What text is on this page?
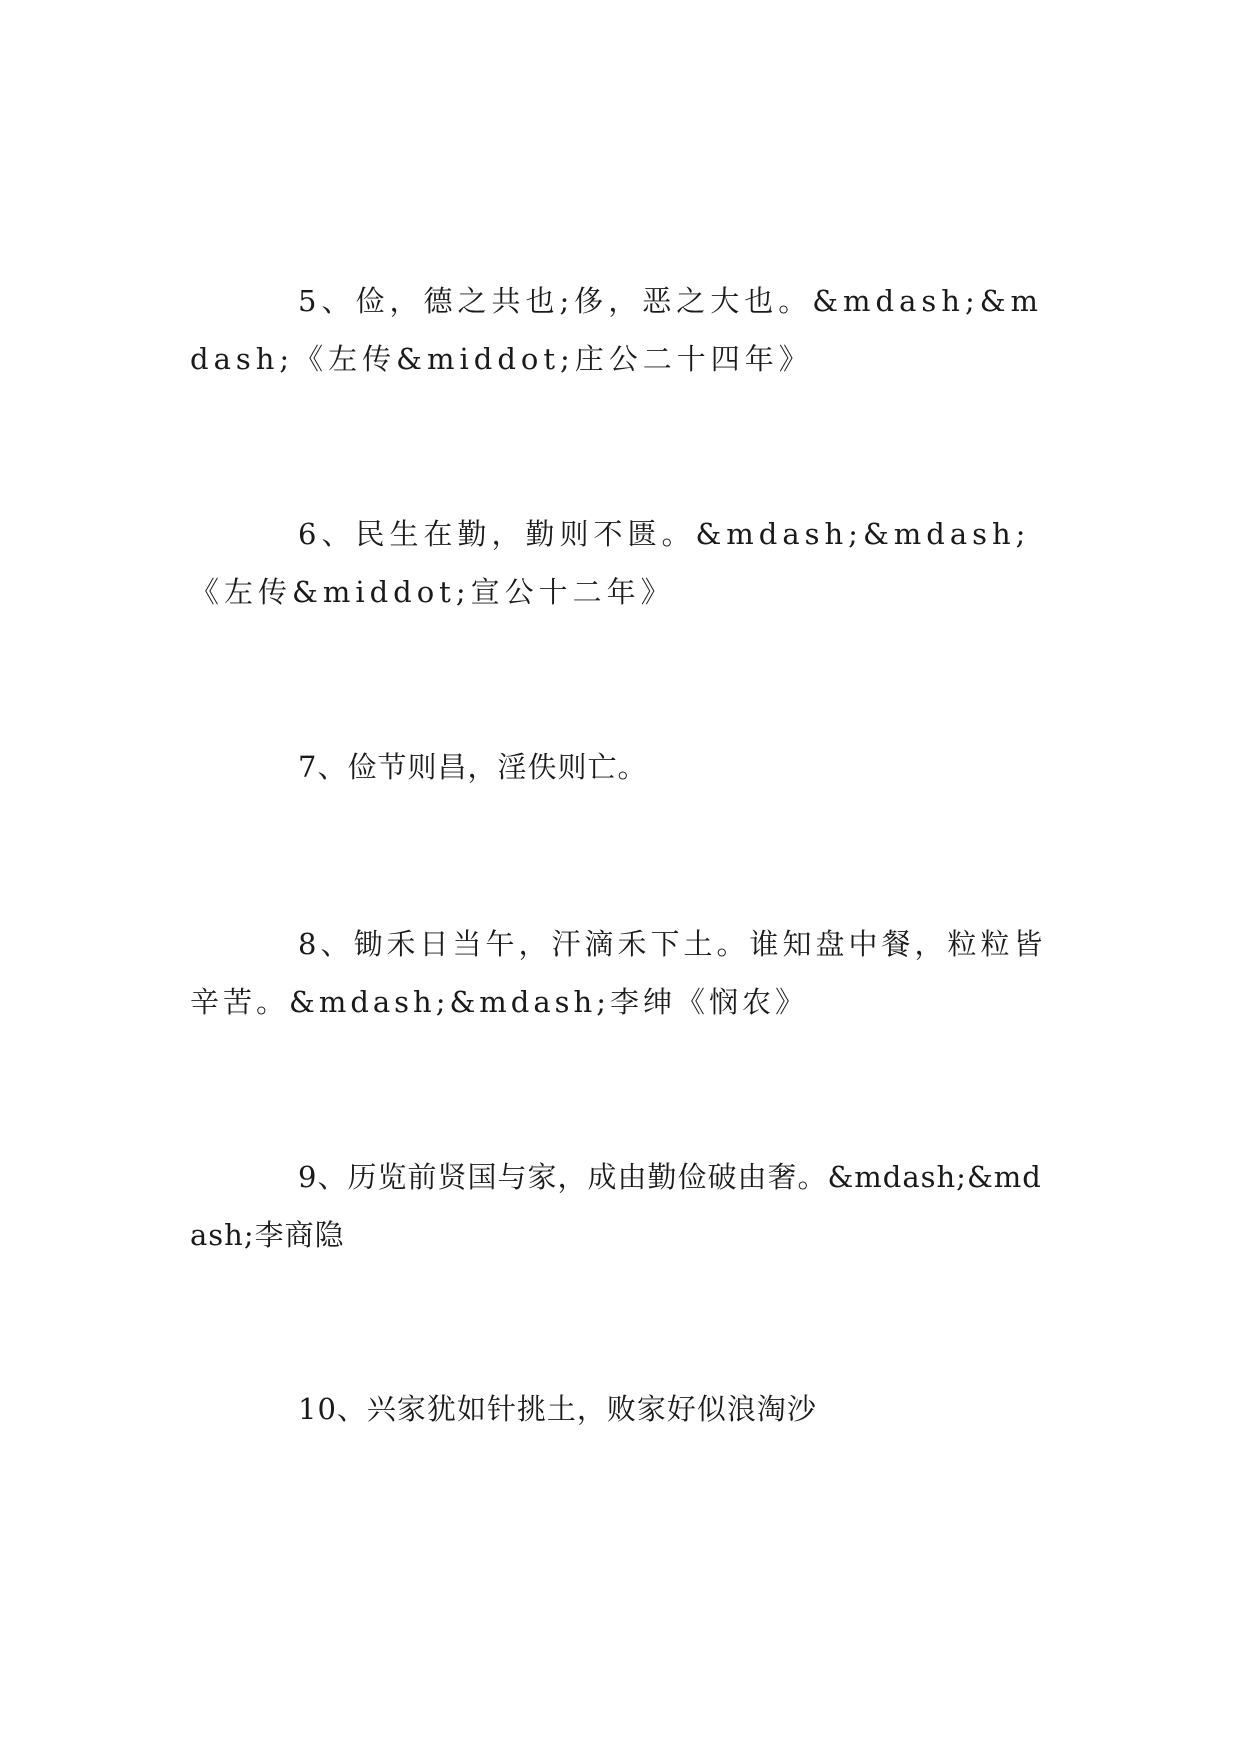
5、俭，德之共也;侈，恶之大也。&mdash;&mdash;《左传&middot;庄公二十四年》

6、民生在勤，勤则不匮。&mdash;&mdash;《左传&middot;宣公十二年》

7、俭节则昌，淫佚则亡。

8、锄禾日当午，汗滴禾下土。谁知盘中餐，粒粒皆辛苦。&mdash;&mdash;李绅《悯农》

9、历览前贤国与家，成由勤俭破由奢。&mdash;&mdash;李商隐

10、兴家犹如针挑土，败家好似浪淘沙
